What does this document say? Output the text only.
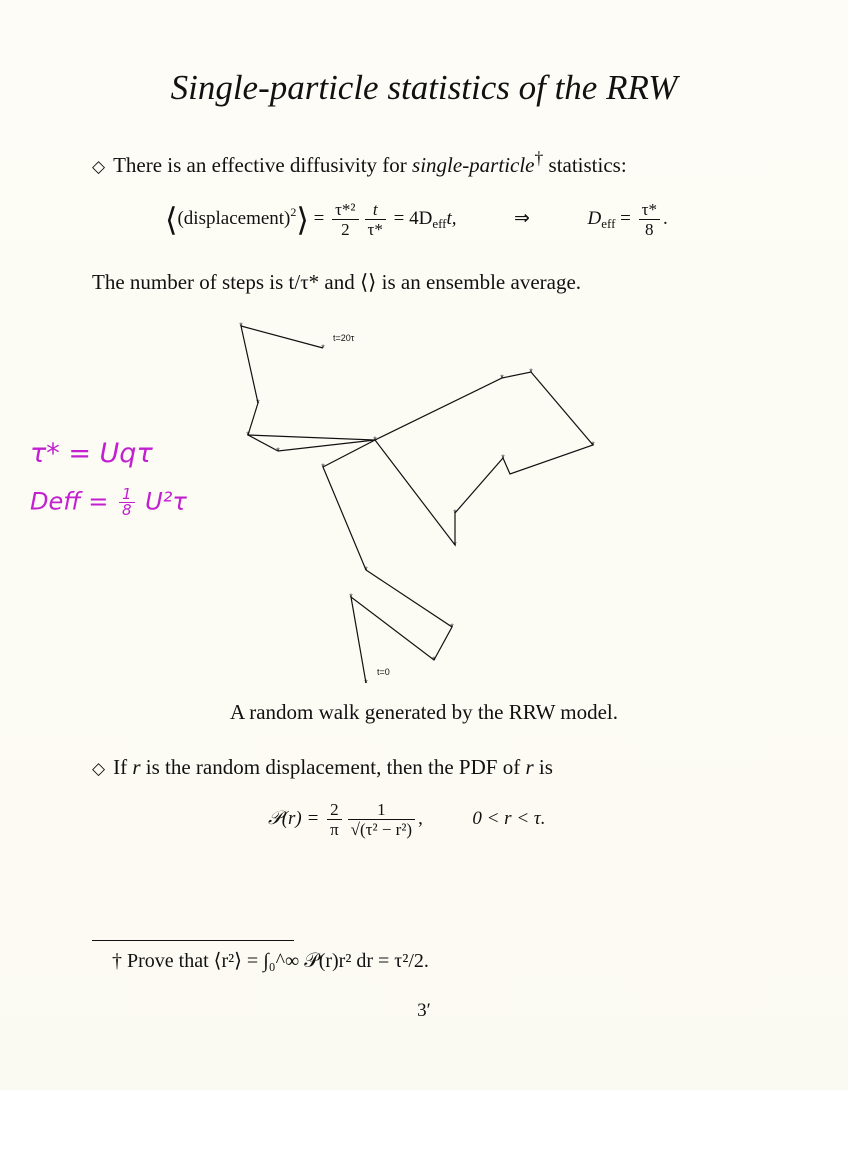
Single-particle statistics of the RRW
◇ There is an effective diffusivity for single-particle† statistics:
⟨(displacement)$^2$⟩ = $\frac{\text{τ*²}}{2} \frac{t}{\tau*} = 4D_{eff}t$,	⇒	$D_{eff} = \frac{\tau*}{8}$ .
The number of steps is t/τ* and ⟨⟩ is an ensemble average.
τ* = Uqτ
Deff = $\frac{1}{8} U^2\tau$
*
*
*
*
*
*
*
*
*
*
*
*
*
*
*
*
*
*
t=20τ
t=0
A random walk generated by the RRW model.
◇ If r is the random displacement, then the PDF of r is
𝒫(r) = $\frac{2}{\pi} \frac{1}{\text{√(τ² − r²)}}$ ,	0 < r < τ.
† Prove that ⟨r²⟩ = ∫₀^∞ 𝒫(r)r² dr = τ²/2.
3′
